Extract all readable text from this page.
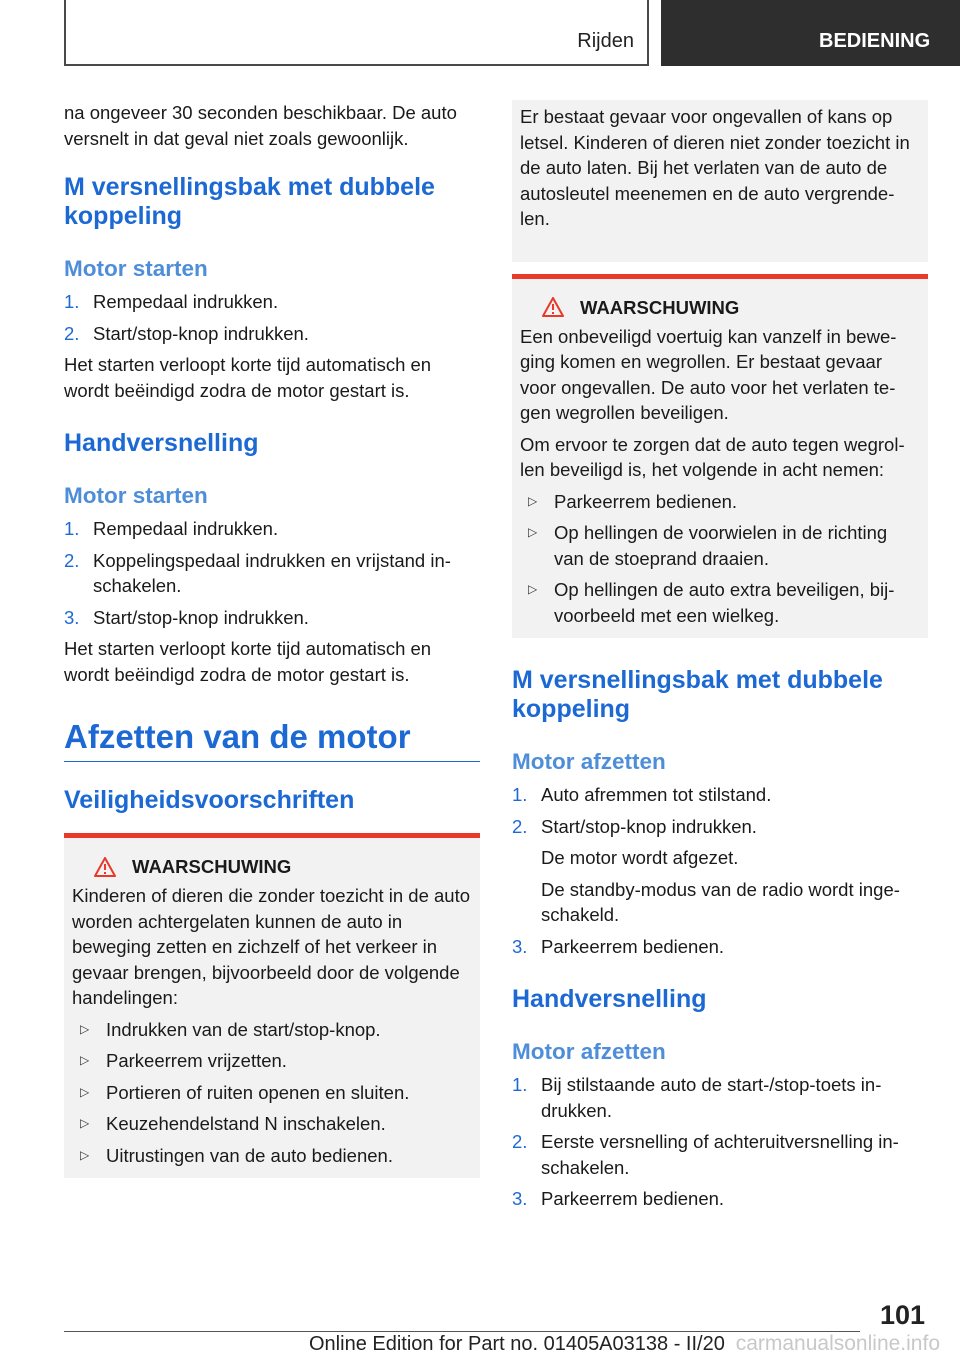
Rijden	BEDIENING

na ongeveer 30 seconden beschikbaar. De auto versnelt in dat geval niet zoals gewoonlijk.

M versnellingsbak met dubbele koppeling
Motor starten
1. Rempedaal indrukken.
2. Start/stop-knop indrukken.

Het starten verloopt korte tijd automatisch en wordt beëindigd zodra de motor gestart is.

Handversnelling
Motor starten
1. Rempedaal indrukken.
2. Koppelingspedaal indrukken en vrijstand in-schakelen.
3. Start/stop-knop indrukken.

Het starten verloopt korte tijd automatisch en wordt beëindigd zodra de motor gestart is.

Afzetten van de motor
Veiligheidsvoorschriften
WAARSCHUWING

Kinderen of dieren die zonder toezicht in de auto worden achtergelaten kunnen de auto in beweging zetten en zichzelf of het verkeer in gevaar brengen, bijvoorbeeld door de volgende handelingen:

▷ Indrukken van de start/stop-knop.
▷ Parkeerrem vrijzetten.
▷ Portieren of ruiten openen en sluiten.
▷ Keuzehendelstand N inschakelen.
▷ Uitrustingen van de auto bedienen.

Er bestaat gevaar voor ongevallen of kans op letsel. Kinderen of dieren niet zonder toezicht in de auto laten. Bij het verlaten van de auto de autosleutel meenemen en de auto vergrende-len.

WAARSCHUWING

Een onbeveiligd voertuig kan vanzelf in bewe-ging komen en wegrollen. Er bestaat gevaar voor ongevallen. De auto voor het verlaten te-gen wegrollen beveiligen.

Om ervoor te zorgen dat de auto tegen wegrol-len beveiligd is, het volgende in acht nemen:

▷ Parkeerrem bedienen.
▷ Op hellingen de voorwielen in de richting van de stoeprand draaien.
▷ Op hellingen de auto extra beveiligen, bij-voorbeeld met een wielkeg.
M versnellingsbak met dubbele koppeling
Motor afzetten
1. Auto afremmen tot stilstand.
2. Start/stop-knop indrukken.
De motor wordt afgezet.
De standby-modus van de radio wordt inge-schakeld.
3. Parkeerrem bedienen.
Handversnelling
Motor afzetten
1. Bij stilstaande auto de start-/stop-toets in-drukken.
2. Eerste versnelling of achteruitversnelling in-schakelen.
3. Parkeerrem bedienen.
101
Online Edition for Part no. 01405A03138 - II/20 carmanualsonline.info
